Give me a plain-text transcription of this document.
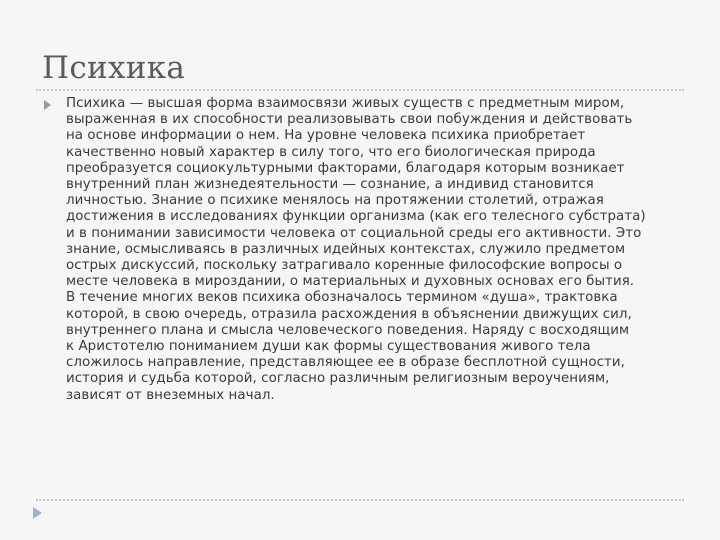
Психика

Психика — высшая форма взаимосвязи живых существ с предметным миром,
выраженная в их способности реализовывать свои побуждения и действовать
на основе информации о нем. На уровне человека психика приобретает
качественно новый характер в силу того, что его биологическая природа
преобразуется социокультурными факторами, благодаря которым возникает
внутренний план жизнедеятельности — сознание, а индивид становится
личностью. Знание о психике менялось на протяжении столетий, отражая
достижения в исследованиях функции организма (как его телесного субстрата)
и в понимании зависимости человека от социальной среды его активности. Это
знание, осмысливаясь в различных идейных контекстах, служило предметом
острых дискуссий, поскольку затрагивало коренные философские вопросы о
месте человека в мироздании, о материальных и духовных основах его бытия.
В течение многих веков психика обозначалось термином «душа», трактовка
которой, в свою очередь, отразила расхождения в объяснении движущих сил,
внутреннего плана и смысла человеческого поведения. Наряду с восходящим
к Аристотелю пониманием души как формы существования живого тела
сложилось направление, представляющее ее в образе бесплотной сущности,
история и судьба которой, согласно различным религиозным вероучениям,
зависят от внеземных начал.
